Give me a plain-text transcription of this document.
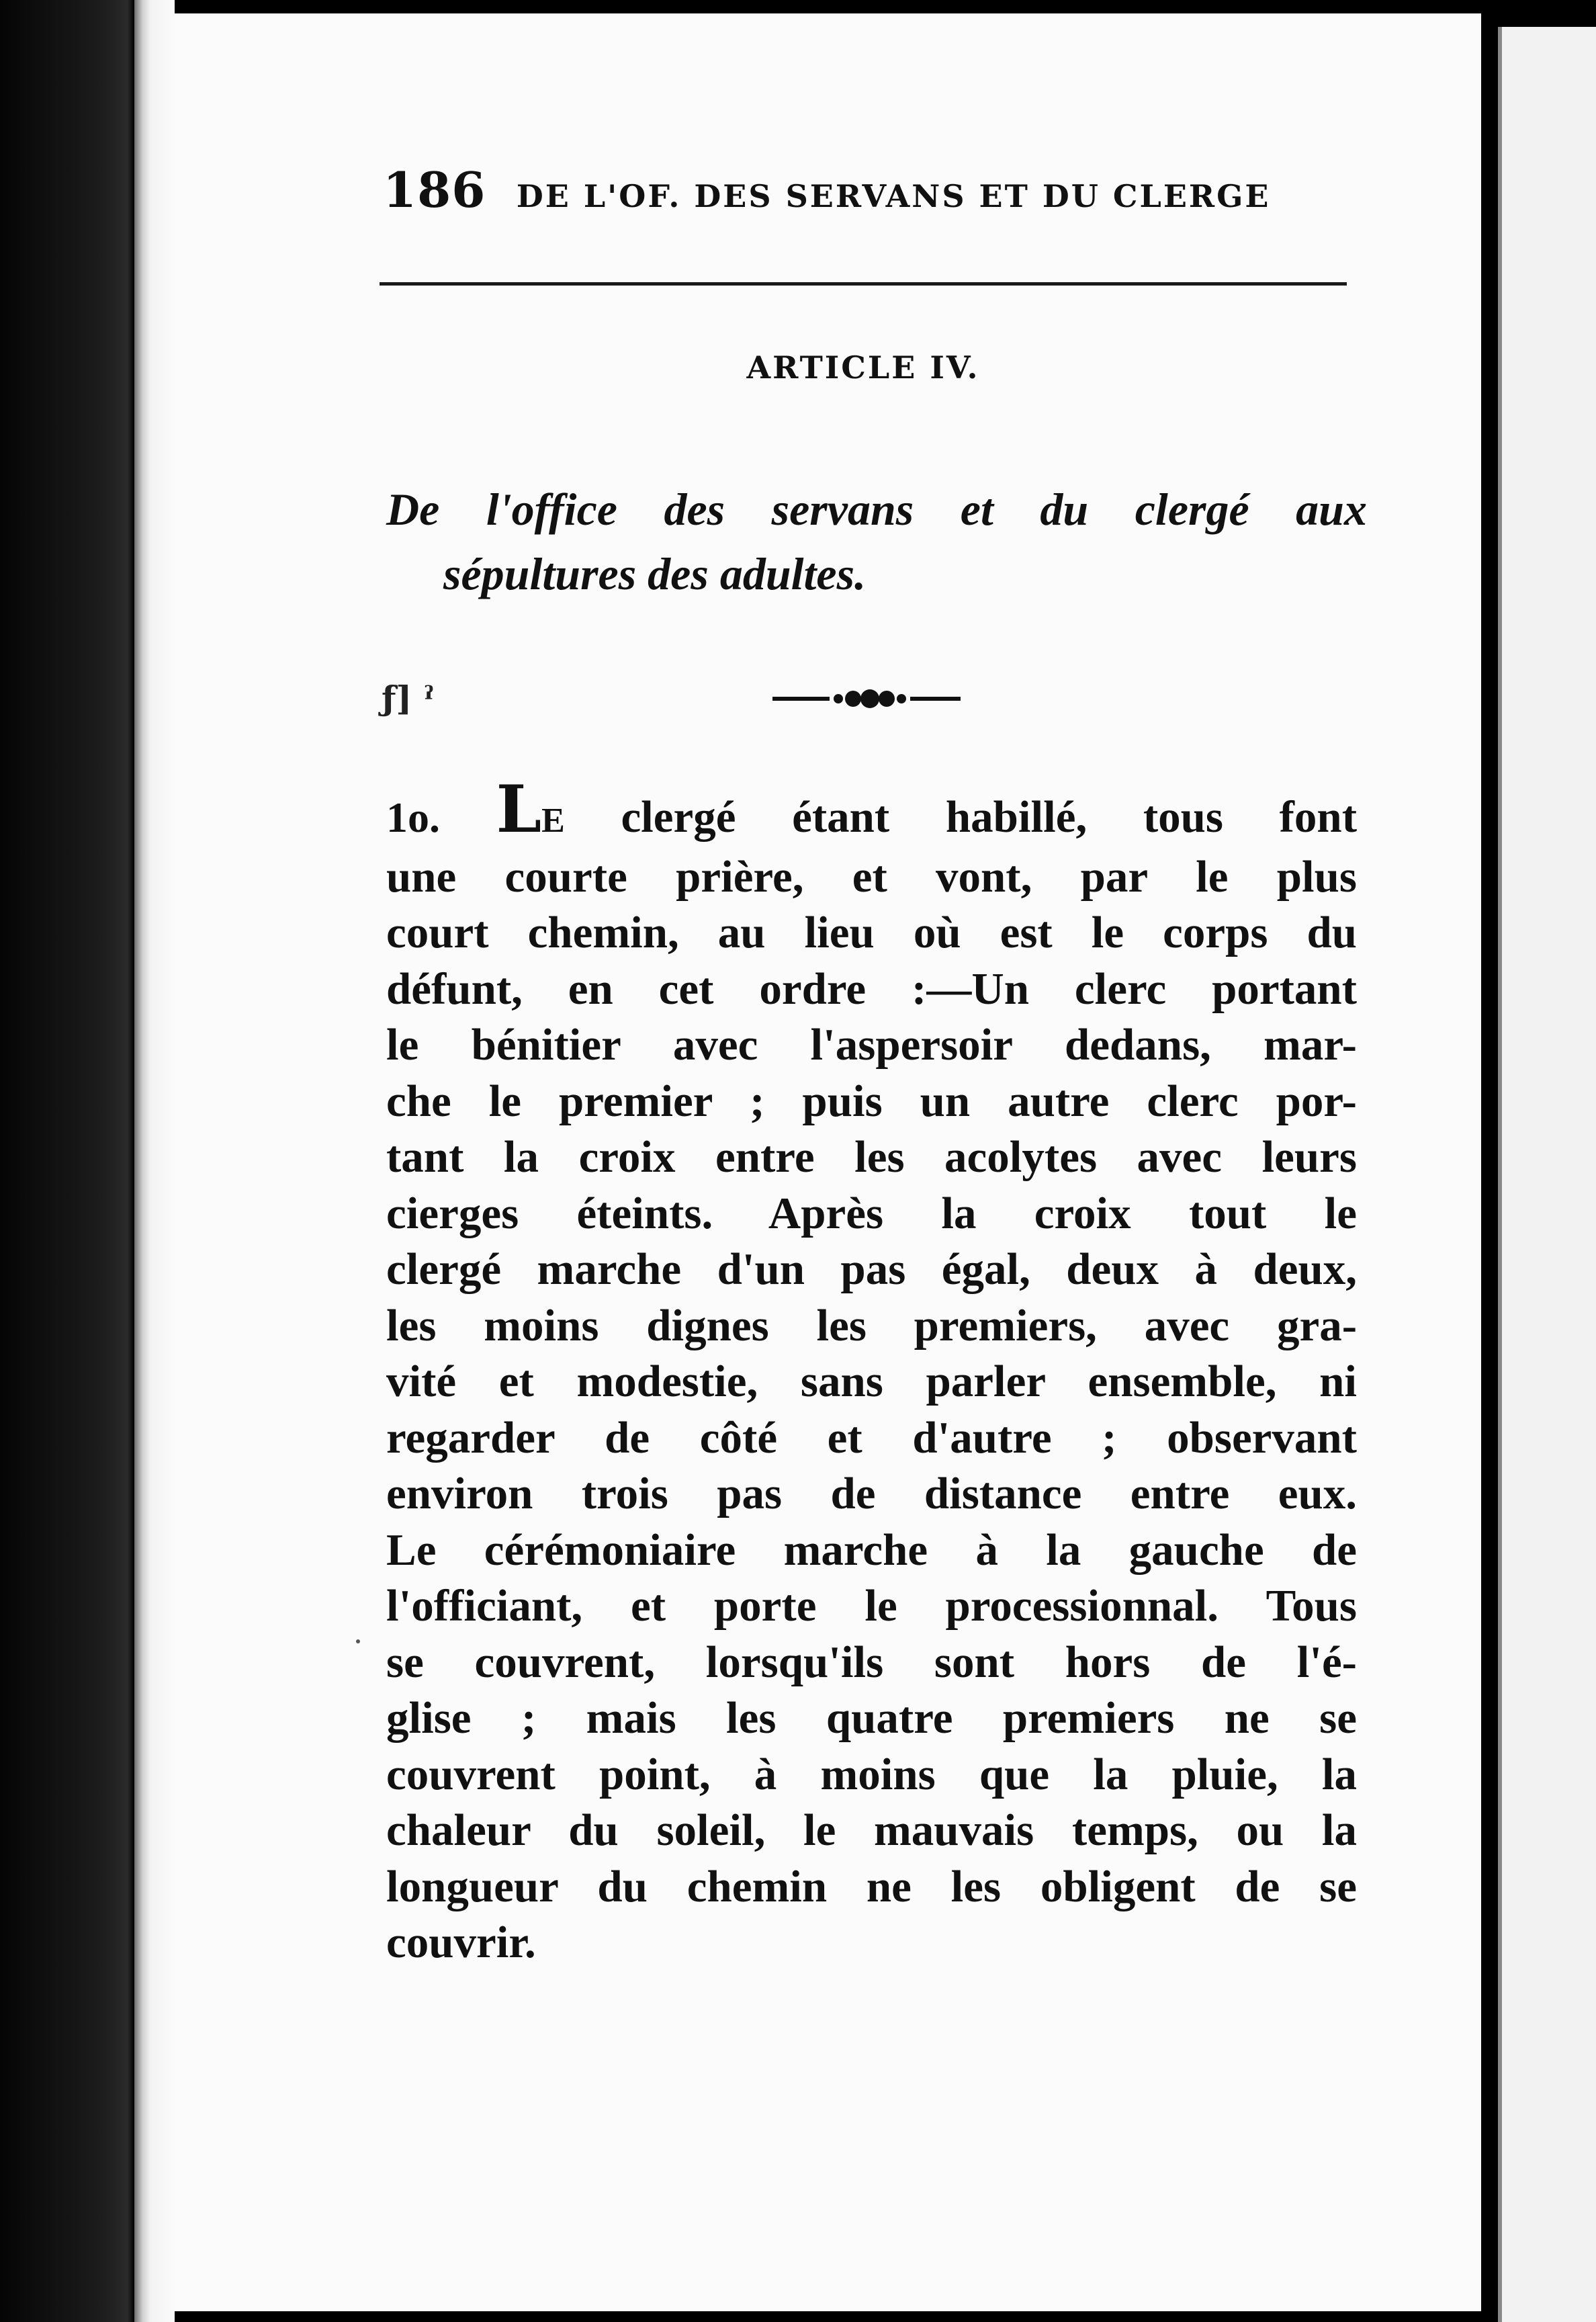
186 DE L'OF. DES SERVANS ET DU CLERGE
ARTICLE IV.
De l'office des servans et du clergé aux
sépultures des adultes.
ƒ] ˀ
1o. LE clergé étant habillé, tous font
une courte prière, et vont, par le plus
court chemin, au lieu où est le corps du
défunt, en cet ordre :—Un clerc portant
le bénitier avec l'aspersoir dedans, mar-
che le premier ; puis un autre clerc por-
tant la croix entre les acolytes avec leurs
cierges éteints. Après la croix tout le
clergé marche d'un pas égal, deux à deux,
les moins dignes les premiers, avec gra-
vité et modestie, sans parler ensemble, ni
regarder de côté et d'autre ; observant
environ trois pas de distance entre eux.
Le cérémoniaire marche à la gauche de
l'officiant, et porte le processionnal. Tous
se couvrent, lorsqu'ils sont hors de l'é-
glise ; mais les quatre premiers ne se
couvrent point, à moins que la pluie, la
chaleur du soleil, le mauvais temps, ou la
longueur du chemin ne les obligent de se
couvrir.
